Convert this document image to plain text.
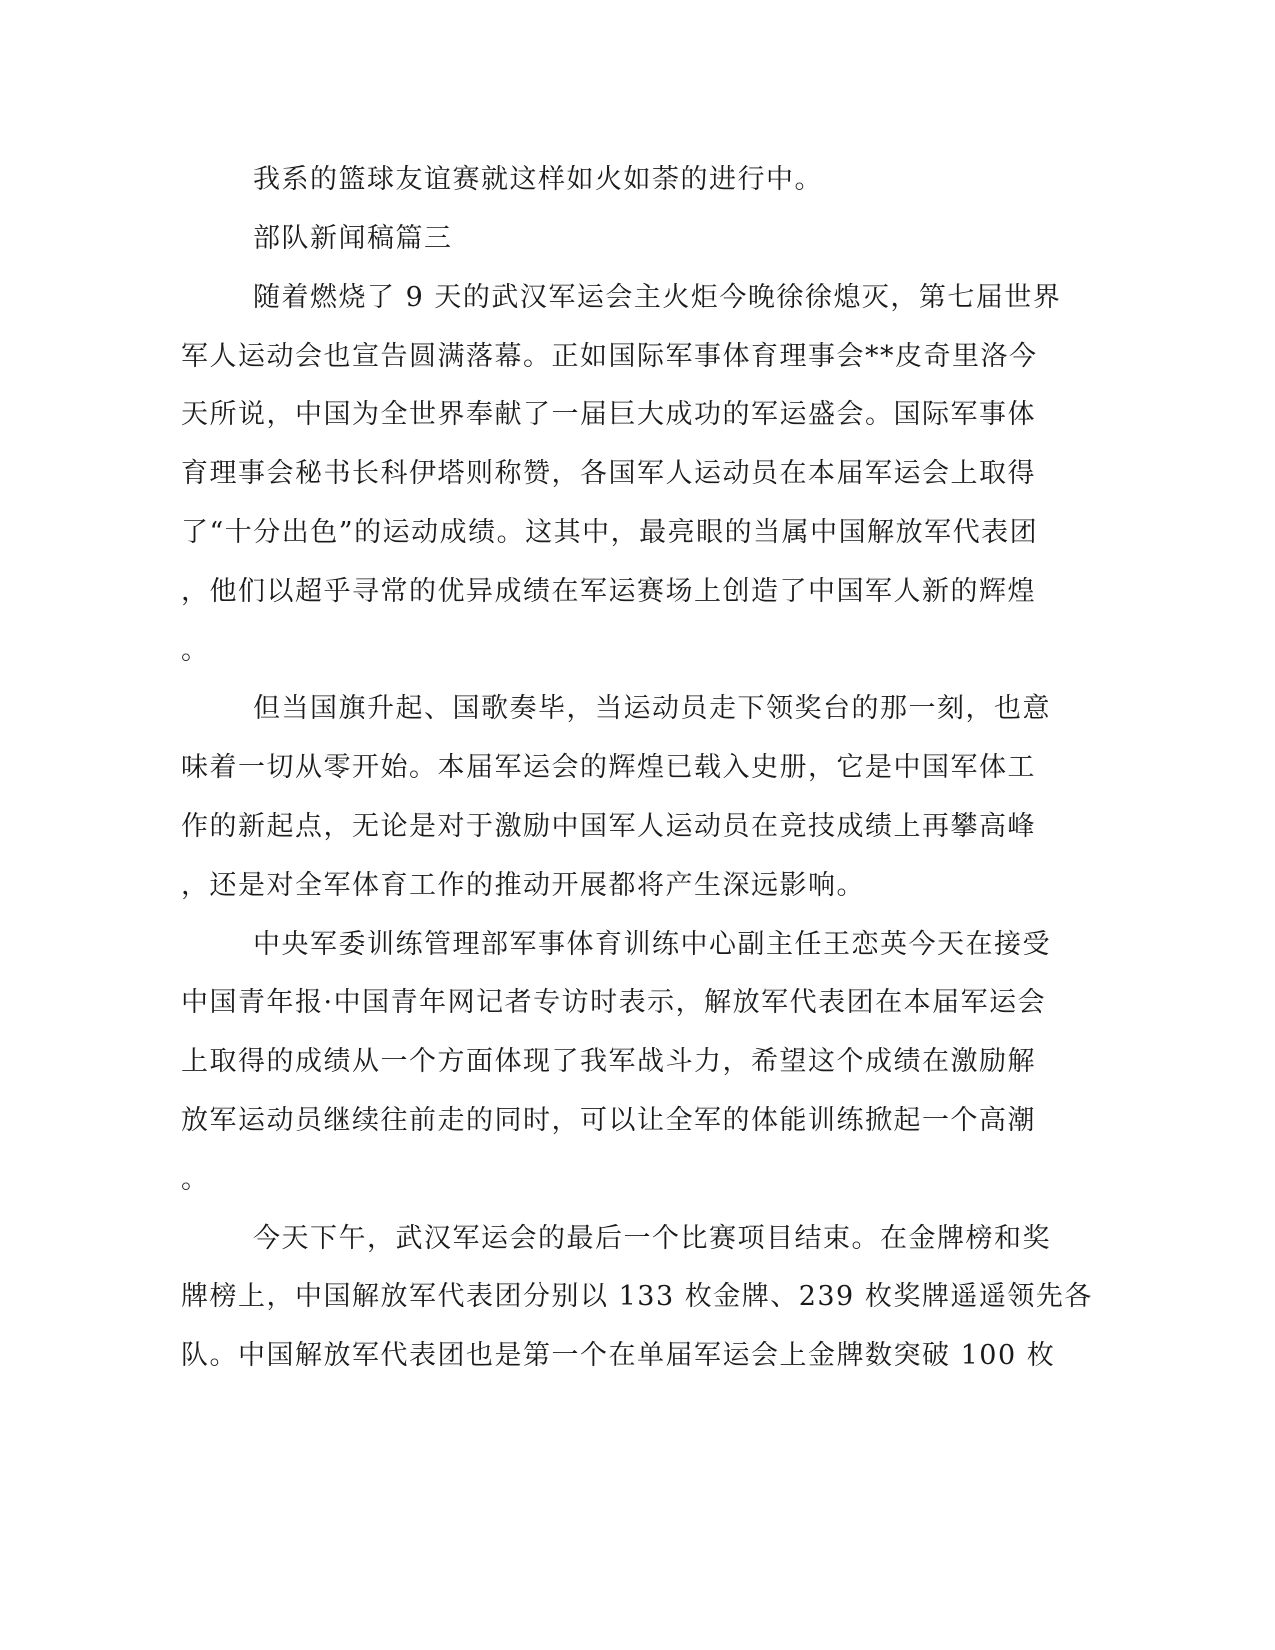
我系的篮球友谊赛就这样如火如荼的进行中。
部队新闻稿篇三
随着燃烧了 9 天的武汉军运会主火炬今晚徐徐熄灭，第七届世界
军人运动会也宣告圆满落幕。正如国际军事体育理事会**皮奇里洛今
天所说，中国为全世界奉献了一届巨大成功的军运盛会。国际军事体
育理事会秘书长科伊塔则称赞，各国军人运动员在本届军运会上取得
了“十分出色”的运动成绩。这其中，最亮眼的当属中国解放军代表团
，他们以超乎寻常的优异成绩在军运赛场上创造了中国军人新的辉煌
。
但当国旗升起、国歌奏毕，当运动员走下领奖台的那一刻，也意
味着一切从零开始。本届军运会的辉煌已载入史册，它是中国军体工
作的新起点，无论是对于激励中国军人运动员在竞技成绩上再攀高峰
，还是对全军体育工作的推动开展都将产生深远影响。
中央军委训练管理部军事体育训练中心副主任王恋英今天在接受
中国青年报·中国青年网记者专访时表示，解放军代表团在本届军运会
上取得的成绩从一个方面体现了我军战斗力，希望这个成绩在激励解
放军运动员继续往前走的同时，可以让全军的体能训练掀起一个高潮
。
今天下午，武汉军运会的最后一个比赛项目结束。在金牌榜和奖
牌榜上，中国解放军代表团分别以 133 枚金牌、239 枚奖牌遥遥领先各
队。中国解放军代表团也是第一个在单届军运会上金牌数突破 100 枚
